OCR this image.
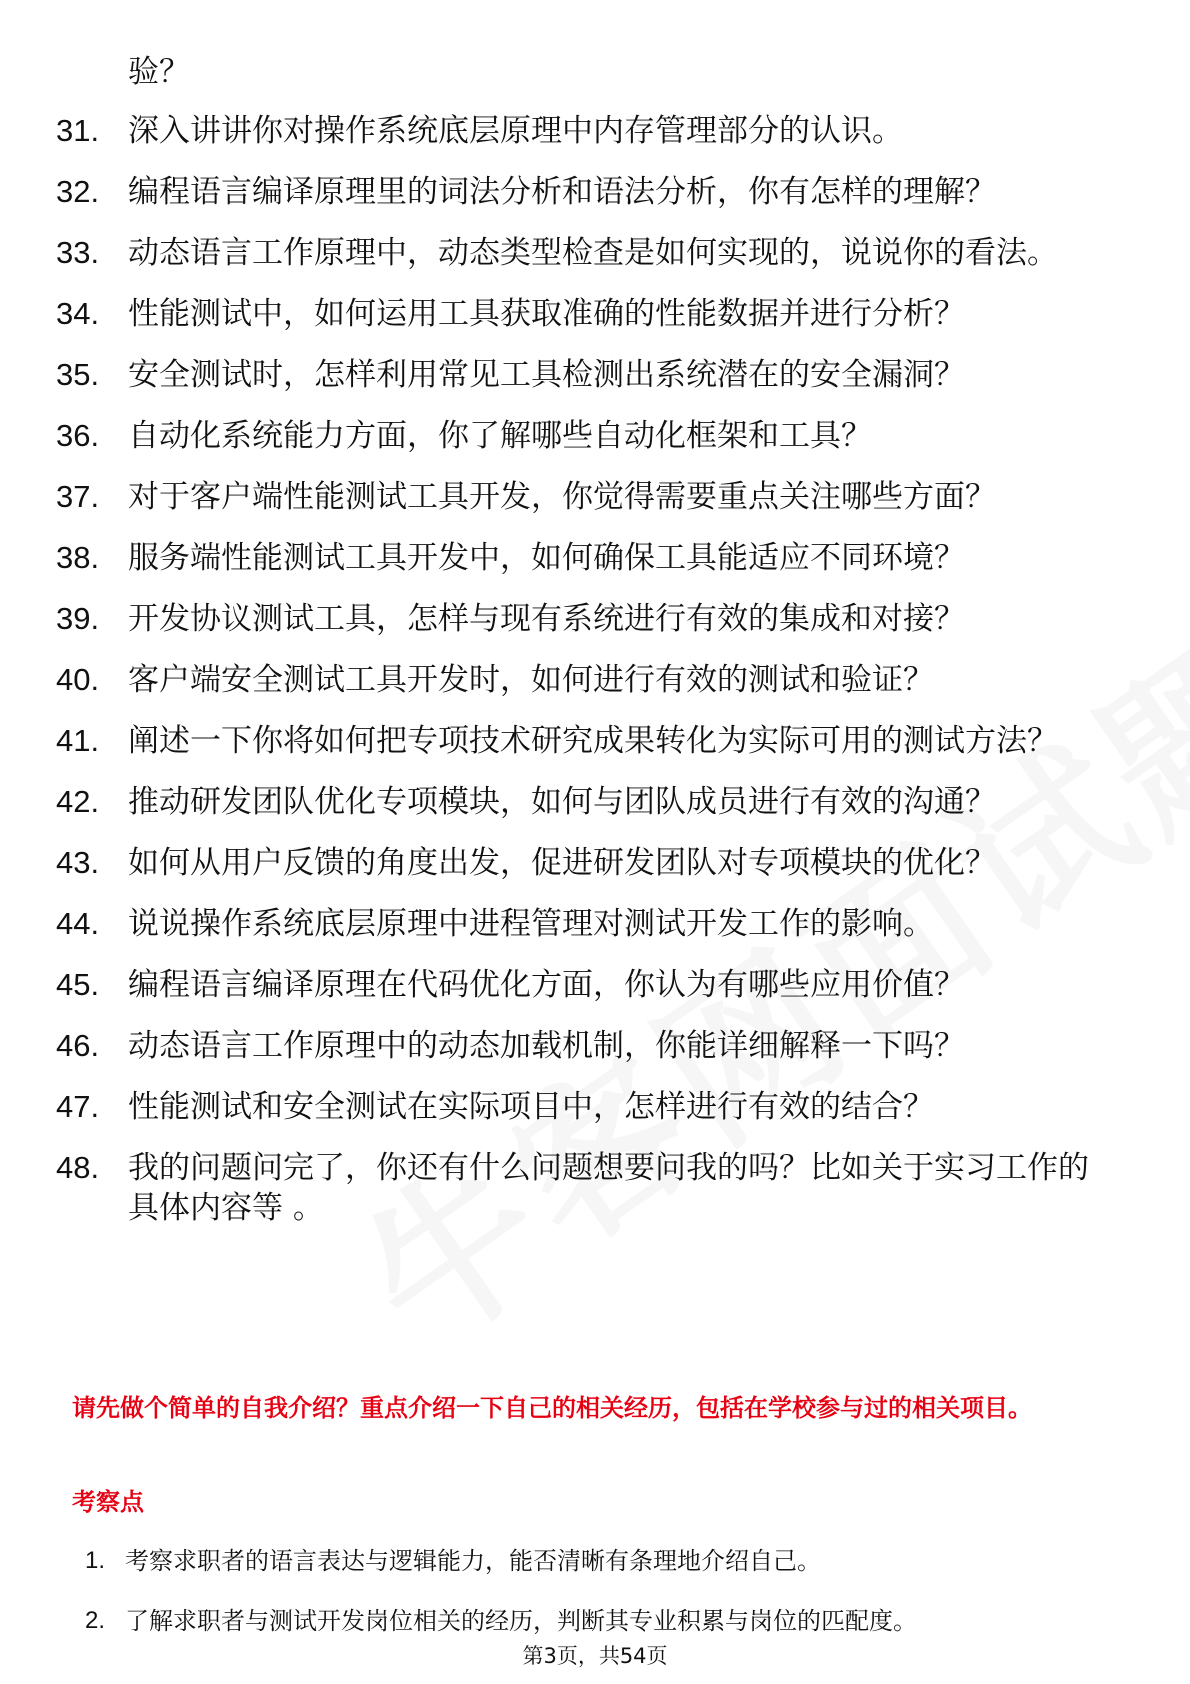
验？
31. 深入讲讲你对操作系统底层原理中内存管理部分的认识。
32. 编程语言编译原理里的词法分析和语法分析，你有怎样的理解？
33. 动态语言工作原理中，动态类型检查是如何实现的，说说你的看法。
34. 性能测试中，如何运用工具获取准确的性能数据并进行分析？
35. 安全测试时，怎样利用常见工具检测出系统潜在的安全漏洞？
36. 自动化系统能力方面，你了解哪些自动化框架和工具？
37. 对于客户端性能测试工具开发，你觉得需要重点关注哪些方面？
38. 服务端性能测试工具开发中，如何确保工具能适应不同环境？
39. 开发协议测试工具，怎样与现有系统进行有效的集成和对接？
40. 客户端安全测试工具开发时，如何进行有效的测试和验证？
41. 阐述一下你将如何把专项技术研究成果转化为实际可用的测试方法？
42. 推动研发团队优化专项模块，如何与团队成员进行有效的沟通？
43. 如何从用户反馈的角度出发，促进研发团队对专项模块的优化？
44. 说说操作系统底层原理中进程管理对测试开发工作的影响。
45. 编程语言编译原理在代码优化方面，你认为有哪些应用价值？
46. 动态语言工作原理中的动态加载机制，你能详细解释一下吗？
47. 性能测试和安全测试在实际项目中，怎样进行有效的结合？
48. 我的问题问完了，你还有什么问题想要问我的吗？比如关于实习工作的具体内容等 。
请先做个简单的自我介绍？重点介绍一下自己的相关经历，包括在学校参与过的相关项目。
考察点
1. 考察求职者的语言表达与逻辑能力，能否清晰有条理地介绍自己。
2. 了解求职者与测试开发岗位相关的经历，判断其专业积累与岗位的匹配度。
第3页，共54页
